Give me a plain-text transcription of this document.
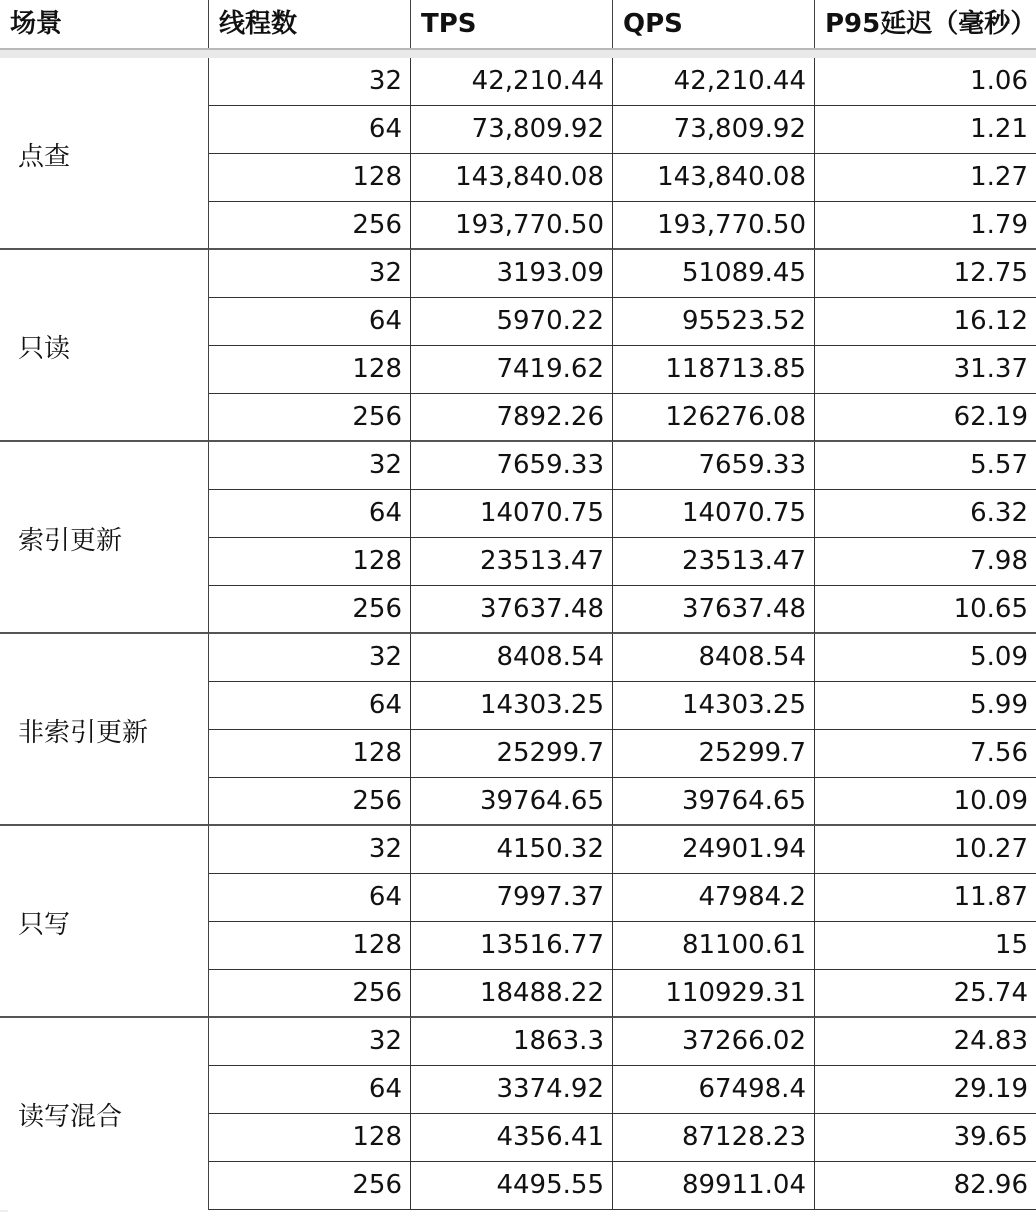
场景	线程数	TPS	QPS	P95延迟（毫秒）
点查
32	42,210.44	42,210.44	1.06
64	73,809.92	73,809.92	1.21
128	143,840.08	143,840.08	1.27
256	193,770.50	193,770.50	1.79
只读
32	3193.09	51089.45	12.75
64	5970.22	95523.52	16.12
128	7419.62	118713.85	31.37
256	7892.26	126276.08	62.19
索引更新
32	7659.33	7659.33	5.57
64	14070.75	14070.75	6.32
128	23513.47	23513.47	7.98
256	37637.48	37637.48	10.65
非索引更新
32	8408.54	8408.54	5.09
64	14303.25	14303.25	5.99
128	25299.7	25299.7	7.56
256	39764.65	39764.65	10.09
只写
32	4150.32	24901.94	10.27
64	7997.37	47984.2	11.87
128	13516.77	81100.61	15
256	18488.22	110929.31	25.74
读写混合
32	1863.3	37266.02	24.83
64	3374.92	67498.4	29.19
128	4356.41	87128.23	39.65
256	4495.55	89911.04	82.96
